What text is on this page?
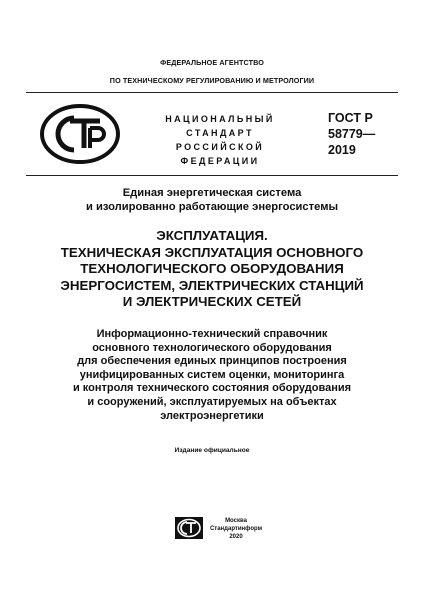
ФЕДЕРАЛЬНОЕ АГЕНТСТВО
ПО ТЕХНИЧЕСКОМУ РЕГУЛИРОВАНИЮ И МЕТРОЛОГИИ
НАЦИОНАЛЬНЫЙ
СТАНДАРТ
РОССИЙСКОЙ
ФЕДЕРАЦИИ
ГОСТ Р
58779—
2019
Единая энергетическая система
и изолированно работающие энергосистемы
ЭКСПЛУАТАЦИЯ.
ТЕХНИЧЕСКАЯ ЭКСПЛУАТАЦИЯ ОСНОВНОГО
ТЕХНОЛОГИЧЕСКОГО ОБОРУДОВАНИЯ
ЭНЕРГОСИСТЕМ, ЭЛЕКТРИЧЕСКИХ СТАНЦИЙ
И ЭЛЕКТРИЧЕСКИХ СЕТЕЙ
Информационно-технический справочник
основного технологического оборудования
для обеспечения единых принципов построения
унифицированных систем оценки, мониторинга
и контроля технического состояния оборудования
и сооружений, эксплуатируемых на объектах
электроэнергетики
Издание официальное
Москва
Стандартинформ
2020
